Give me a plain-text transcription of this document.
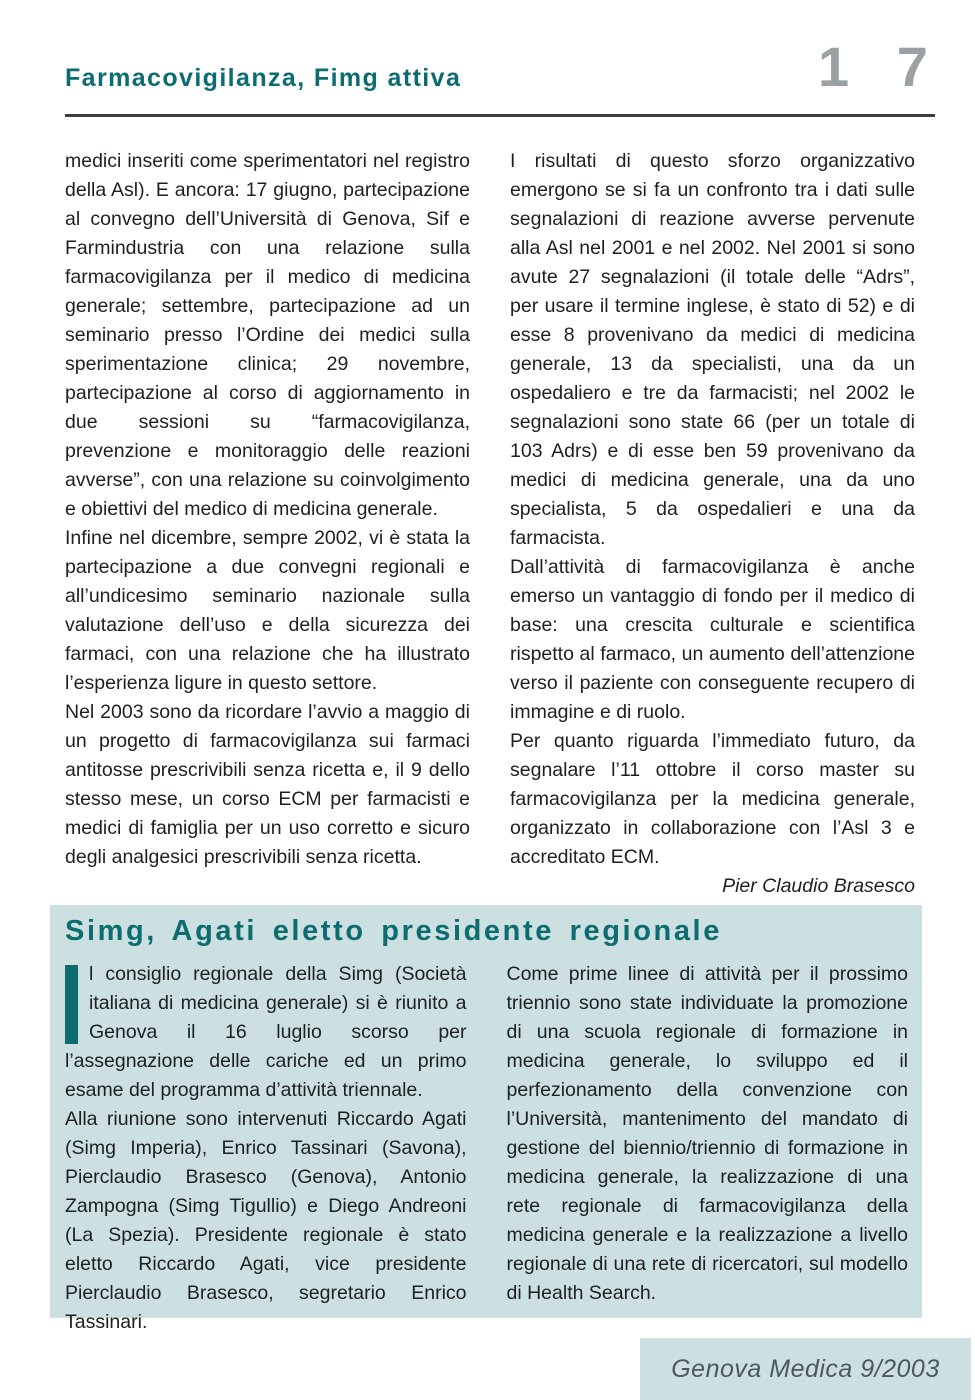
Farmacovigilanza, Fimg attiva	1 7

medici inseriti come sperimentatori nel registro della Asl). E ancora: 17 giugno, partecipazione al convegno dell’Università di Genova, Sif e Farmindustria con una relazione sulla farmacovigilanza per il medico di medicina generale; settembre, partecipazione ad un seminario presso l’Ordine dei medici sulla sperimentazione clinica; 29 novembre, partecipazione al corso di aggiornamento in due sessioni su “farmacovigilanza, prevenzione e monitoraggio delle reazioni avverse”, con una relazione su coinvolgimento e obiettivi del medico di medicina generale.

Infine nel dicembre, sempre 2002, vi è stata la partecipazione a due convegni regionali e all’undicesimo seminario nazionale sulla valutazione dell’uso e della sicurezza dei farmaci, con una relazione che ha illustrato l’esperienza ligure in questo settore.

Nel 2003 sono da ricordare l’avvio a maggio di un progetto di farmacovigilanza sui farmaci antitosse prescrivibili senza ricetta e, il 9 dello stesso mese, un corso ECM per farmacisti e medici di famiglia per un uso corretto e sicuro degli analgesici prescrivibili senza ricetta.

I risultati di questo sforzo organizzativo emergono se si fa un confronto tra i dati sulle segnalazioni di reazione avverse pervenute alla Asl nel 2001 e nel 2002. Nel 2001 si sono avute 27 segnalazioni (il totale delle “Adrs”, per usare il termine inglese, è stato di 52) e di esse 8 provenivano da medici di medicina generale, 13 da specialisti, una da un ospedaliero e tre da farmacisti; nel 2002 le segnalazioni sono state 66 (per un totale di 103 Adrs) e di esse ben 59 provenivano da medici di medicina generale, una da uno specialista, 5 da ospedalieri e una da farmacista.

Dall’attività di farmacovigilanza è anche emerso un vantaggio di fondo per il medico di base: una crescita culturale e scientifica rispetto al farmaco, un aumento dell’attenzione verso il paziente con conseguente recupero di immagine e di ruolo.

Per quanto riguarda l’immediato futuro, da segnalare l’11 ottobre il corso master su farmacovigilanza per la medicina generale, organizzato in collaborazione con l’Asl 3 e accreditato ECM.

Pier Claudio Brasesco

Simg, Agati eletto presidente regionale

l consiglio regionale della Simg (Società italiana di medicina generale) si è riunito a Genova il 16 luglio scorso per l’assegnazione delle cariche ed un primo esame del programma d’attività triennale.

Alla riunione sono intervenuti Riccardo Agati (Simg Imperia), Enrico Tassinari (Savona), Pierclaudio Brasesco (Genova), Antonio Zampogna (Simg Tigullio) e Diego Andreoni (La Spezia). Presidente regionale è stato eletto Riccardo Agati, vice presidente Pierclaudio Brasesco, segretario Enrico Tassinari.

Come prime linee di attività per il prossimo triennio sono state individuate la promozione di una scuola regionale di formazione in medicina generale, lo sviluppo ed il perfezionamento della convenzione con l’Università, mantenimento del mandato di gestione del biennio/triennio di formazione in medicina generale, la realizzazione di una rete regionale di farmacovigilanza della medicina generale e la realizzazione a livello regionale di una rete di ricercatori, sul modello di Health Search.

Genova Medica 9/2003
